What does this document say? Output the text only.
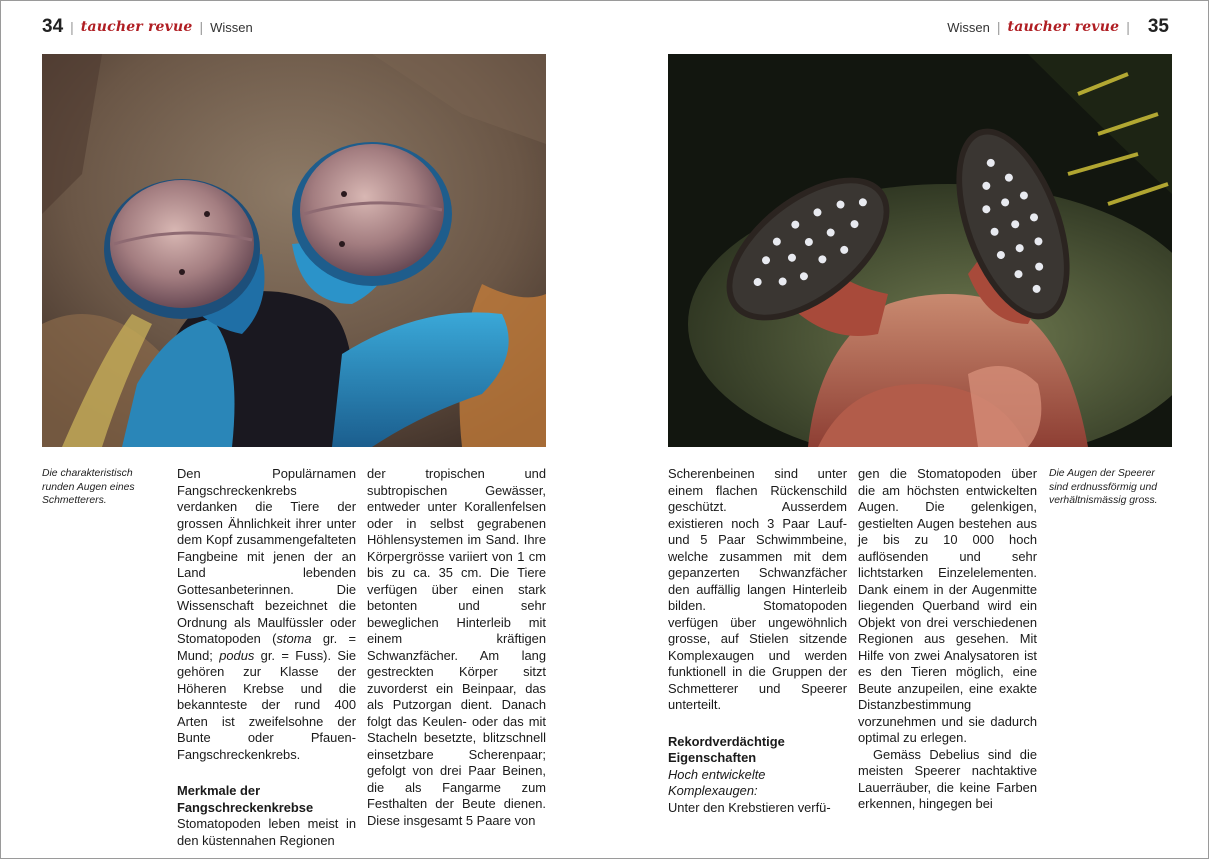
34 | taucher revue | Wissen	Wissen | taucher revue | 35
Die charakteristisch runden Augen eines Schmetterers.
Die Augen der Speerer sind erdnussförmig und verhältnismässig gross.

Den Populärnamen Fangschreckenkrebs verdanken die Tiere der grossen Ähnlichkeit ihrer unter dem Kopf zusammengefalteten Fangbeine mit jenen der an Land lebenden Gottesanbeterinnen. Die Wissenschaft bezeichnet die Ordnung als Maulfüssler oder Stomatopoden (stoma gr. = Mund; podus gr. = Fuss). Sie gehören zur Klasse der Höheren Krebse und die bekannteste der rund 400 Arten ist zweifelsohne der Bunte oder Pfauen-Fangschreckenkrebs.

Merkmale der Fangschreckenkrebse

Stomatopoden leben meist in den küstennahen Regionen

der tropischen und subtropischen Gewässer, entweder unter Korallenfelsen oder in selbst gegrabenen Höhlensystemen im Sand. Ihre Körpergrösse variiert von 1 cm bis zu ca. 35 cm. Die Tiere verfügen über einen stark betonten und sehr beweglichen Hinterleib mit einem kräftigen Schwanzfächer. Am lang gestreckten Körper sitzt zuvorderst ein Beinpaar, das als Putzorgan dient. Danach folgt das Keulen- oder das mit Stacheln besetzte, blitzschnell einsetzbare Scherenpaar; gefolgt von drei Paar Beinen, die als Fangarme zum Festhalten der Beute dienen. Diese insgesamt 5 Paare von

Scherenbeinen sind unter einem flachen Rückenschild geschützt. Ausserdem existieren noch 3 Paar Lauf- und 5 Paar Schwimmbeine, welche zusammen mit dem gepanzerten Schwanzfächer den auffällig langen Hinterleib bilden. Stomatopoden verfügen über ungewöhnlich grosse, auf Stielen sitzende Komplexaugen und werden funktionell in die Gruppen der Schmetterer und Speerer unterteilt.

Rekordverdächtige Eigenschaften

Hoch entwickelte Komplexaugen:

Unter den Krebstieren verfü-

gen die Stomatopoden über die am höchsten entwickelten Augen. Die gelenkigen, gestielten Augen bestehen aus je bis zu 10 000 hoch auflösenden und sehr lichtstarken Einzelelementen. Dank einem in der Augenmitte liegenden Querband wird ein Objekt von drei verschiedenen Regionen aus gesehen. Mit Hilfe von zwei Analysatoren ist es den Tieren möglich, eine Beute anzupeilen, eine exakte Distanzbestimmung vorzunehmen und sie dadurch optimal zu erlegen.

Gemäss Debelius sind die meisten Speerer nachtaktive Lauerräuber, die keine Farben erkennen, hingegen bei
